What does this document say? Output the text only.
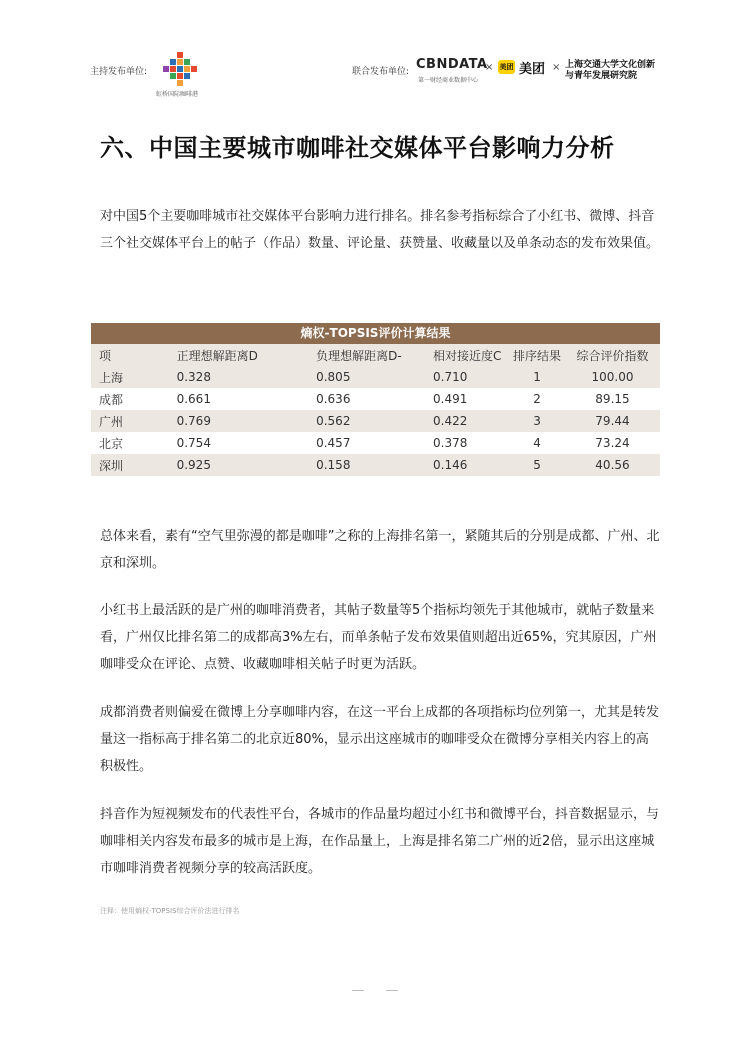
主持发布单位:
虹桥国际咖啡港
联合发布单位: CBNDATA
第一财经商业数据中心
× 美团 美团 × 上海交通大学文化创新
与青年发展研究院
六、中国主要城市咖啡社交媒体平台影响力分析

对中国5个主要咖啡城市社交媒体平台影响力进行排名。排名参考指标综合了小红书、微博、抖音三个社交媒体平台上的帖子（作品）数量、评论量、获赞量、收藏量以及单条动态的发布效果值。

熵权-TOPSIS评价计算结果
项	正理想解距离D	负理想解距离D-	相对接近度C	排序结果	综合评价指数
上海	0.328	0.805	0.710	1	100.00
成都	0.661	0.636	0.491	2	89.15
广州	0.769	0.562	0.422	3	79.44
北京	0.754	0.457	0.378	4	73.24
深圳	0.925	0.158	0.146	5	40.56

总体来看，素有“空气里弥漫的都是咖啡”之称的上海排名第一，紧随其后的分别是成都、广州、北京和深圳。

小红书上最活跃的是广州的咖啡消费者，其帖子数量等5个指标均领先于其他城市，就帖子数量来看，广州仅比排名第二的成都高3%左右，而单条帖子发布效果值则超出近65%，究其原因，广州咖啡受众在评论、点赞、收藏咖啡相关帖子时更为活跃。

成都消费者则偏爱在微博上分享咖啡内容，在这一平台上成都的各项指标均位列第一，尤其是转发量这一指标高于排名第二的北京近80%，显示出这座城市的咖啡受众在微博分享相关内容上的高积极性。

抖音作为短视频发布的代表性平台，各城市的作品量均超过小红书和微博平台，抖音数据显示，与咖啡相关内容发布最多的城市是上海，在作品量上，上海是排名第二广州的近2倍，显示出这座城市咖啡消费者视频分享的较高活跃度。

注释：使用熵权-TOPSIS综合评价法进行排名
